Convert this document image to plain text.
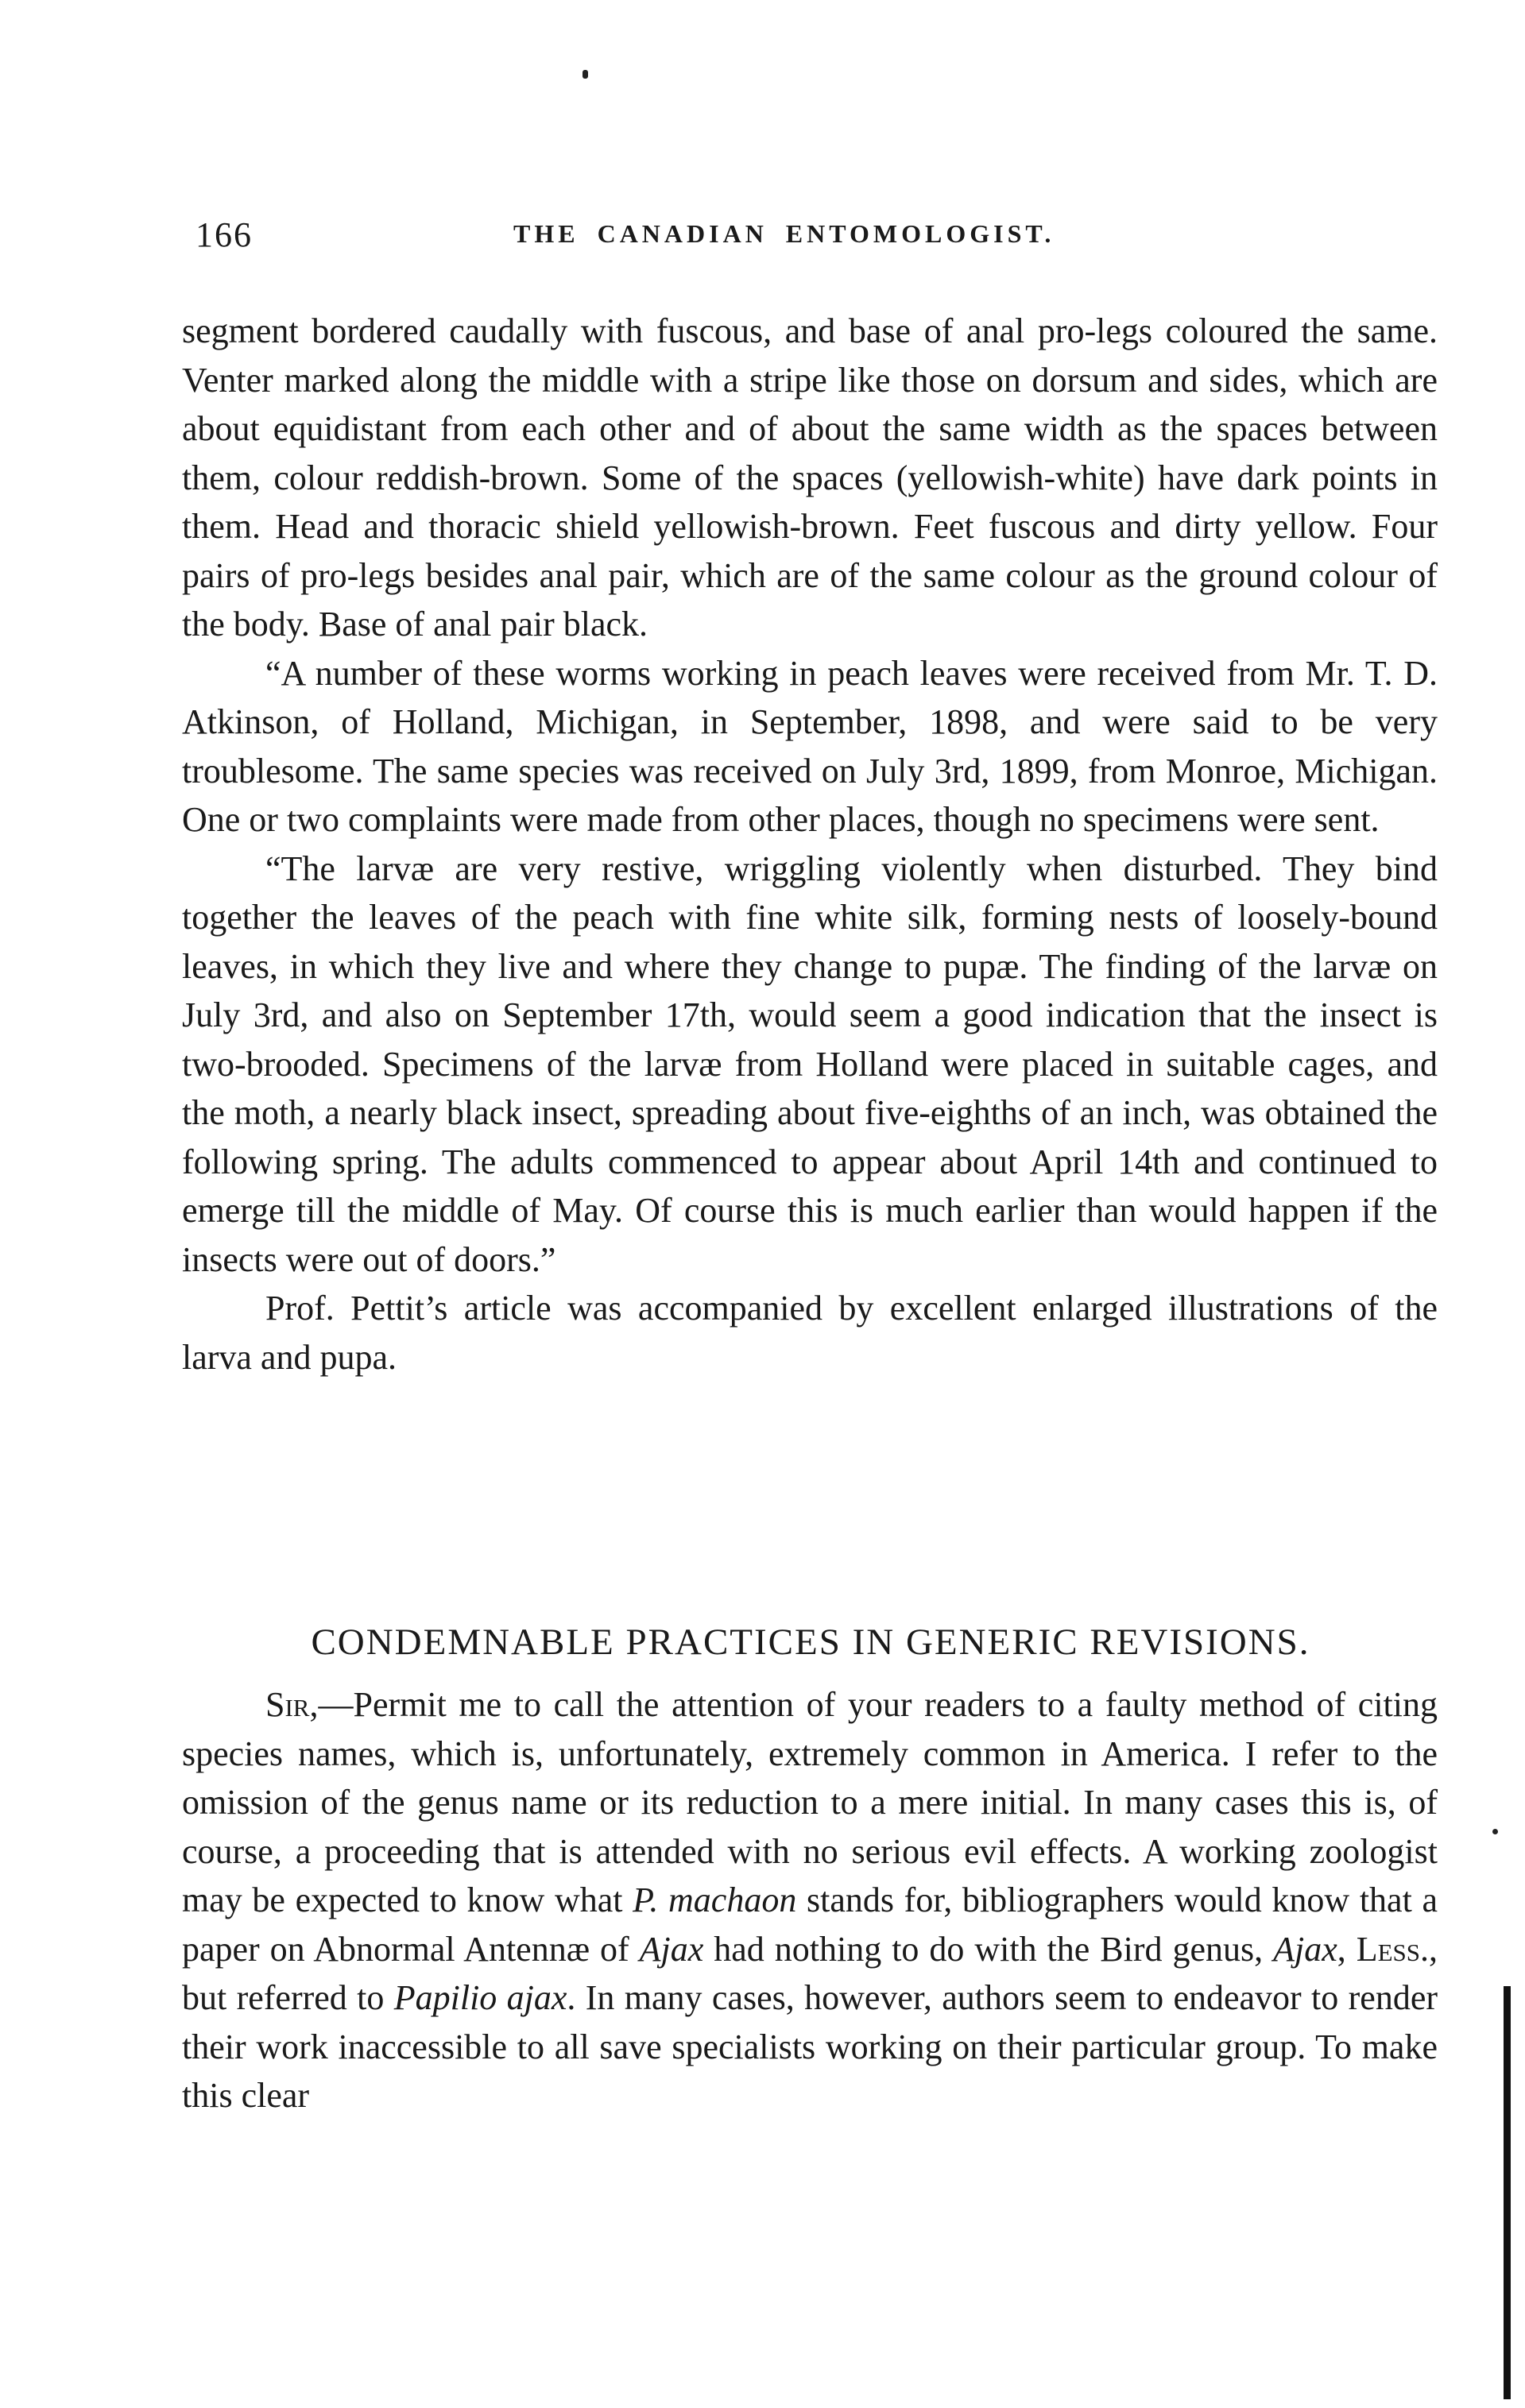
166	THE CANADIAN ENTOMOLOGIST.

segment bordered caudally with fuscous, and base of anal pro-legs coloured the same. Venter marked along the middle with a stripe like those on dorsum and sides, which are about equidistant from each other and of about the same width as the spaces between them, colour reddish-brown. Some of the spaces (yellowish-white) have dark points in them. Head and thoracic shield yellowish-brown. Feet fuscous and dirty yellow. Four pairs of pro-legs besides anal pair, which are of the same colour as the ground colour of the body. Base of anal pair black.

“A number of these worms working in peach leaves were received from Mr. T. D. Atkinson, of Holland, Michigan, in September, 1898, and were said to be very troublesome. The same species was received on July 3rd, 1899, from Monroe, Michigan. One or two complaints were made from other places, though no specimens were sent.

“The larvæ are very restive, wriggling violently when disturbed. They bind together the leaves of the peach with fine white silk, forming nests of loosely-bound leaves, in which they live and where they change to pupæ. The finding of the larvæ on July 3rd, and also on September 17th, would seem a good indication that the insect is two-brooded. Specimens of the larvæ from Holland were placed in suitable cages, and the moth, a nearly black insect, spreading about five-eighths of an inch, was obtained the following spring. The adults commenced to appear about April 14th and continued to emerge till the middle of May. Of course this is much earlier than would happen if the insects were out of doors.”

Prof. Pettit’s article was accompanied by excellent enlarged illustrations of the larva and pupa.

CONDEMNABLE PRACTICES IN GENERIC REVISIONS.

Sir,—Permit me to call the attention of your readers to a faulty method of citing species names, which is, unfortunately, extremely common in America. I refer to the omission of the genus name or its reduction to a mere initial. In many cases this is, of course, a proceeding that is attended with no serious evil effects. A working zoologist may be expected to know what P. machaon stands for, bibliographers would know that a paper on Abnormal Antennæ of Ajax had nothing to do with the Bird genus, Ajax, Less., but referred to Papilio ajax. In many cases, however, authors seem to endeavor to render their work inaccessible to all save specialists working on their particular group. To make this clear
